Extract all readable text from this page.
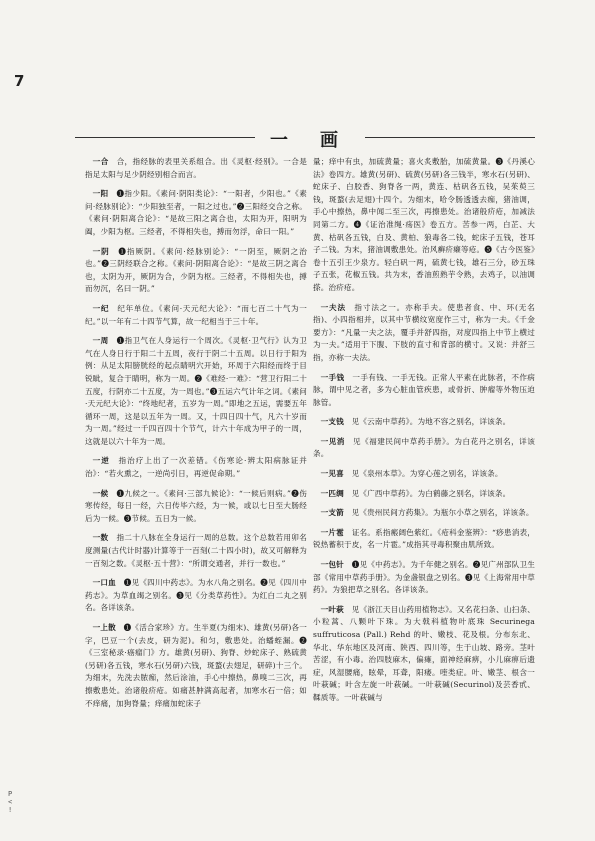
7
一 画

一合  合，指经脉的表里关系组合。出《灵枢·经别》。一合是指足太阳与足少阴经别相合而言。

一阳  ❶指少阳。《素问·阴阳类论》：“一阳者，少阳也。”《素问·经脉别论》：“少阳独至者，一阳之过也。”❷三阳经交合之称。《素问·阴阳离合论》：“是故三阳之离合也，太阳为开，阳明为阖，少阳为枢。三经者，不得相失也，搏而勿浮，命曰一阳。”

一阴  ❶指厥阴。《素问·经脉别论》：“一阴至，厥阴之治也。”❷三阴经联合之称。《素问·阴阳离合论》：“是故三阴之离合也，太阴为开，厥阴为合，少阴为枢。三经者，不得相失也，搏而勿沉，名曰一阴。”

一纪  纪年单位。《素问·天元纪大论》：“而七百二十气为一纪。”以一年有二十四节气算，故一纪相当于三十年。

一周  ❶指卫气在人身运行一个周次。《灵枢·卫气行》认为卫气在人身日行于阳二十五周，夜行于阴二十五周。以日行于阳为例：从足太阳膀胱经的起点睛明穴开始，环周于六阳经而终于目锐眦，复合于睛明，称为一周。❷《难经·一难》：“营卫行阳二十五度，行阴亦二十五度，为一周也。”❸五运六气计年之词。《素问·天元纪大论》：“终地纪者，五岁为一周。”即地之五运，需要五年循环一周，这是以五年为一周。又，十四日四十气，凡六十岁而为一周。”经过一千四百四十个节气，计六十年成为甲子的一周，这就是以六十年为一周。

一逆  指治疗上出了一次差错。《伤寒论·辨太阳病脉证并治》：“若火熏之，一逆尚引日，再逆促命期。”

一候  ❶九候之一。《素问·三部九候论》：“一候后则病。”❷伤寒传经，每日一经，六日传毕六经，为一候，或以七日至大肠经后为一候。❸节候。五日为一候。

一数  指二十八脉在全身运行一周的总数。这个总数若用卯名度测量(古代计时器)计算等于一百刻(二十四小时)，故又可解释为一百刻之数。《灵枢·五十营》：“所谓交通者，并行一数也。”

一口血  ❶见《四川中药志》。为水八角之别名。❷见《四川中药志》。为草血竭之别名。❸见《分类草药性》。为红白二丸之别名。各详该条。

一上散  ❶《活合家珍》方。生半夏(为细末)、雄黄(另研)各一字，巴豆一个(去皮，研为泥)。和匀，敷患处。治蟠蛭漏。❷《三室秘录·癌瘤门》方。雄黄(另研)、狗脊、炒蛇床子、熟硫黄(另研)各五钱，寒水石(另研)六钱，斑蝥(去翅足，研碎)十三个。为细末，先洗去脓痂，然后涂油，手心中擦热，鼻嗅二三次，再擦敷患处。治诸般疥疮。如痛甚肿满高起者，加寒水石一倍；如不痒痛，加狗脊量；痒痛加蛇床子

量；痒中有虫，加硫黄量；喜火炙敷胎，加硫黄量。❸《丹溪心法》卷四方。雄黄(另研)、硫黄(另研)各三钱半，寒水石(另研)、蛇床子、白胶香、狗脊各一两，黄连、枯矾各五钱，吴茱萸三钱，斑蝥(去足翅)十四个。为细末，哈令肠透透去痂，猪油调，手心中擦热，鼻中闻二至三次，再擦患处。治诸般疥疮，加减法同第二方。❹《证治准绳·疡医》卷五方。苦参一两，白芷、大黄、枯矾各五钱，白及、黄柏、狼毒各二钱，蛇床子五钱，苍耳子二钱。为末，猪油调敷患处。治风癣疥癞等疮。❺《古今医鉴》卷十五引王少泉方。轻白矾一两，硫黄七钱，雄石三分，砂五珠子五张，花椒五钱。共为末，香油煎熟芋令熟，去鸡子，以油调搽。治疥疮。

一夫法  指寸法之一。亦称手夫。使患者食、中、环(无名指)、小四指相并，以其中节横纹宽度作三寸，称为一夫。《千金要方》：“凡量一夫之法，覆手并舒四指，对度四指上中节上横过为一夫。”适用于下腹、下肢的直寸和背部的横寸。又说：并舒三指，亦称一夫法。

一手钱  一手有钱、一手无钱。正常人平素在此脉者，不作病脉，谓中见之者，多为心脏血管疾患，或骨折、肿瘤等外物压迫脉管。

一支钱  见《云南中草药》。为地不容之别名，详该条。

一见消  见《福建民间中草药手册》。为白花丹之别名，详该条。

一见喜  见《泉州本草》。为穿心莲之别名，详该条。

一匹绸  见《广西中草药》。为白鹤藤之别名，详该条。

一支箭  见《贵州民间方药集》。为瓶尔小草之别名，详该条。

一片雹  证名。系指瘢阔色紫红。《疮科金鉴辨》：“痧患消表，锐热蓄积于皮，名一片雹。”成指其寻毒积聚由肌所致。

一包针  ❶见《中药志》。为千年健之别名。❷见广州部队卫生部《常用中草药手册》。为金盏银盘之别名。❸见《上海常用中草药》。为狼把草之别名。各详该条。

一叶萩  见《浙江天目山药用植物志》。又名花扫条、山扫条、小粒蒿、八颗叶下珠。为大戟科植物叶底珠 Securinega suffruticosa (Pall.) Rehd 的叶、嫩枝、花及根。分布东北、华北、华东地区及河南、陕西、四川等，生于山坡、路旁。茎叶苦涩，有小毒。治四肢麻木，偏瘫，面神经麻痹，小儿麻痹后遗症，风湿腰痛，眩晕，耳聋，阳痿。喹类症。叶、嫩茎、根含一叶萩碱；叶含左旋一叶萩碱。一叶萩碱(Securinol)及芸香甙、鞣质等。一叶萩碱与

P
<
!
